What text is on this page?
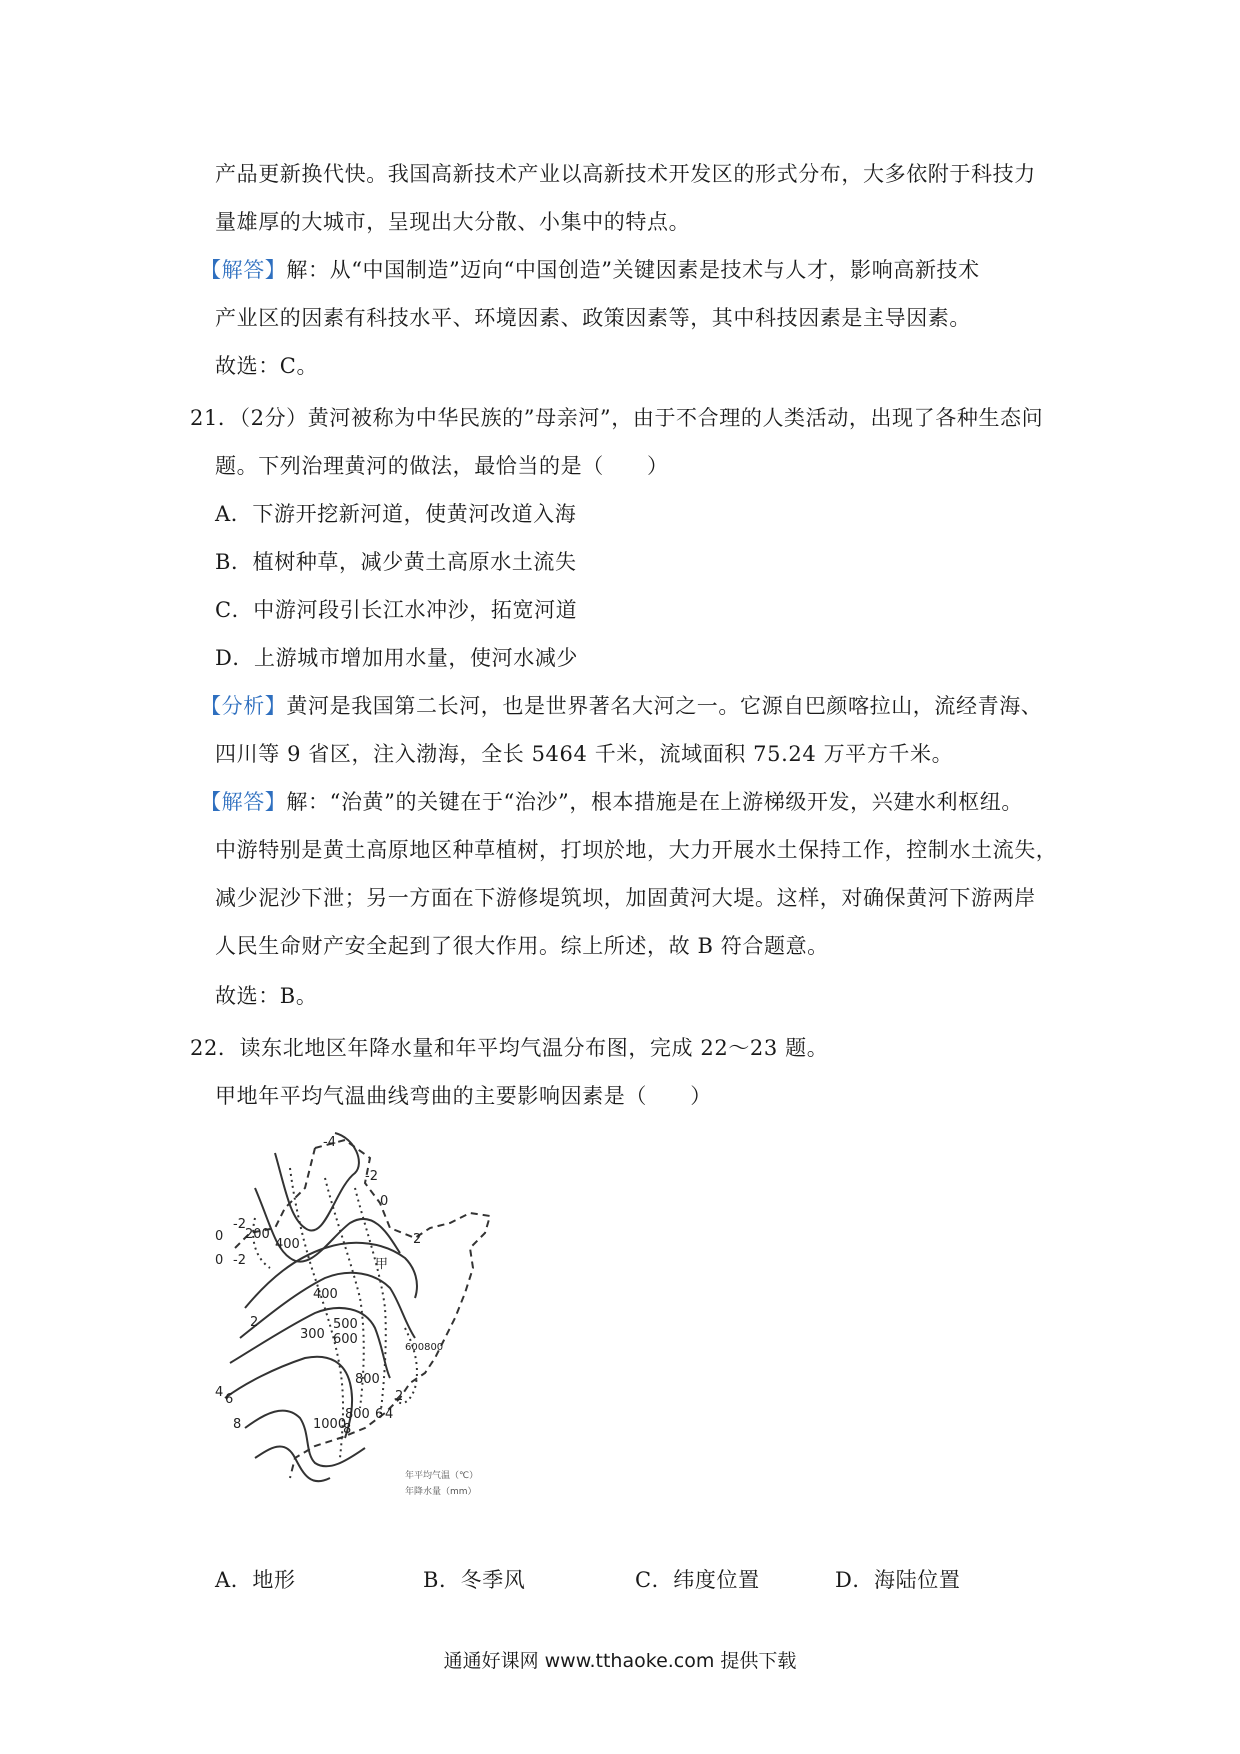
产品更新换代快。我国高新技术产业以高新技术开发区的形式分布，大多依附于科技力
量雄厚的大城市，呈现出大分散、小集中的特点。
【解答】解：从“中国制造”迈向“中国创造”关键因素是技术与人才，影响高新技术
产业区的因素有科技水平、环境因素、政策因素等，其中科技因素是主导因素。
故选：C。
21．（2分）黄河被称为中华民族的”母亲河”，由于不合理的人类活动，出现了各种生态问
题。下列治理黄河的做法，最恰当的是（　　）
A．下游开挖新河道，使黄河改道入海
B．植树种草，减少黄土高原水土流失
C．中游河段引长江水冲沙，拓宽河道
D．上游城市增加用水量，使河水减少
【分析】黄河是我国第二长河，也是世界著名大河之一。它源自巴颜喀拉山，流经青海、
四川等 9 省区，注入渤海，全长 5464 千米，流域面积 75.24 万平方千米。
【解答】解：“治黄”的关键在于“治沙”，根本措施是在上游梯级开发，兴建水利枢纽。
中游特别是黄土高原地区种草植树，打坝於地，大力开展水土保持工作，控制水土流失，
减少泥沙下泄；另一方面在下游修堤筑坝，加固黄河大堤。这样，对确保黄河下游两岸
人民生命财产安全起到了很大作用。综上所述，故 B 符合题意。
故选：B。
22．读东北地区年降水量和年平均气温分布图，完成 22～23 题。
甲地年平均气温曲线弯曲的主要影响因素是（　　）
-4
-2
0
2
0
-2
-2
0
2
4 6
8
200
400
400
300
500
600
800
1000
800 6 4
2
8
甲
600800
年平均气温（℃）
年降水量（mm）
A．地形	B．冬季风	C．纬度位置	D．海陆位置
通通好课网 www.tthaoke.com 提供下载
